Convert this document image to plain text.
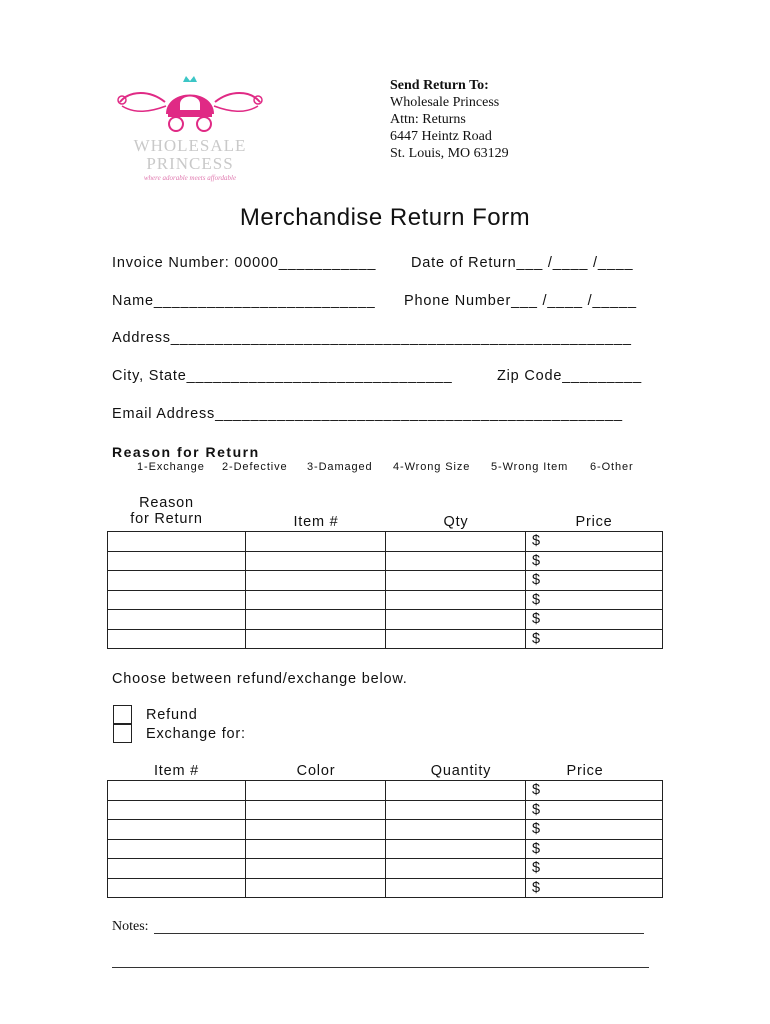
WHOLESALE
PRINCESS
where adorable meets affordable
Send Return To:
Wholesale Princess
Attn: Returns
6447 Heintz Road
St. Louis, MO 63129
Merchandise Return Form
Invoice Number: 00000___________ Date of Return___ /____ /____
Name_________________________ Phone Number___ /____ /_____
Address____________________________________________________
City, State______________________________	Zip Code_________
Email Address______________________________________________
Reason for Return
1-Exchange 2-Defective 3-Damaged 4-Wrong Size 5-Wrong Item 6-Other
Reason
for Return	Item #	Qty	Price
			$
			$
			$
			$
			$
			$
Choose between refund/exchange below.
Refund
Exchange for:
Item #	Color	Quantity	Price
			$
			$
			$
			$
			$
			$
Notes:
